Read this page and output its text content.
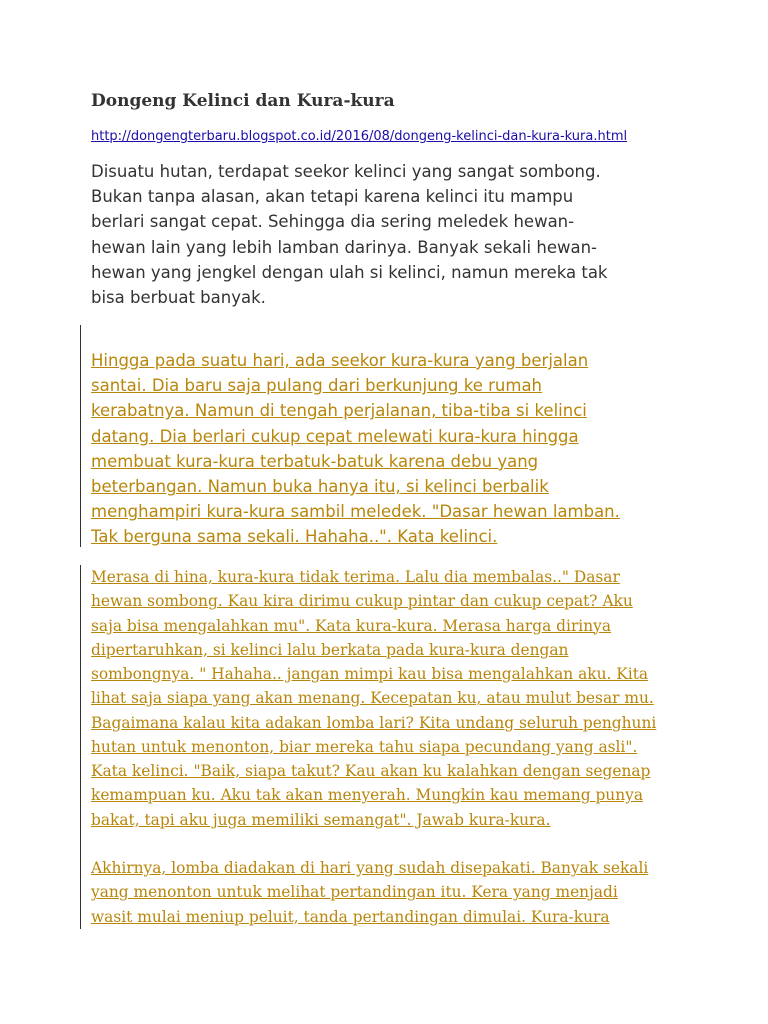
Dongeng Kelinci dan Kura-kura
http://dongengterbaru.blogspot.co.id/2016/08/dongeng-kelinci-dan-kura-kura.html

Disuatu hutan, terdapat seekor kelinci yang sangat sombong.
Bukan tanpa alasan, akan tetapi karena kelinci itu mampu
berlari sangat cepat. Sehingga dia sering meledek hewan-
hewan lain yang lebih lamban darinya. Banyak sekali hewan-
hewan yang jengkel dengan ulah si kelinci, namun mereka tak
bisa berbuat banyak.

Hingga pada suatu hari, ada seekor kura-kura yang berjalan
santai. Dia baru saja pulang dari berkunjung ke rumah
kerabatnya. Namun di tengah perjalanan, tiba-tiba si kelinci
datang. Dia berlari cukup cepat melewati kura-kura hingga
membuat kura-kura terbatuk-batuk karena debu yang
beterbangan. Namun buka hanya itu, si kelinci berbalik
menghampiri kura-kura sambil meledek. "Dasar hewan lamban.
Tak berguna sama sekali. Hahaha..". Kata kelinci.

Merasa di hina, kura-kura tidak terima. Lalu dia membalas.." Dasar
hewan sombong. Kau kira dirimu cukup pintar dan cukup cepat? Aku
saja bisa mengalahkan mu". Kata kura-kura. Merasa harga dirinya
dipertaruhkan, si kelinci lalu berkata pada kura-kura dengan
sombongnya. " Hahaha.. jangan mimpi kau bisa mengalahkan aku. Kita
lihat saja siapa yang akan menang. Kecepatan ku, atau mulut besar mu.
Bagaimana kalau kita adakan lomba lari? Kita undang seluruh penghuni
hutan untuk menonton, biar mereka tahu siapa pecundang yang asli".
Kata kelinci. "Baik, siapa takut? Kau akan ku kalahkan dengan segenap
kemampuan ku. Aku tak akan menyerah. Mungkin kau memang punya
bakat, tapi aku juga memiliki semangat". Jawab kura-kura.

Akhirnya, lomba diadakan di hari yang sudah disepakati. Banyak sekali
yang menonton untuk melihat pertandingan itu. Kera yang menjadi
wasit mulai meniup peluit, tanda pertandingan dimulai. Kura-kura
